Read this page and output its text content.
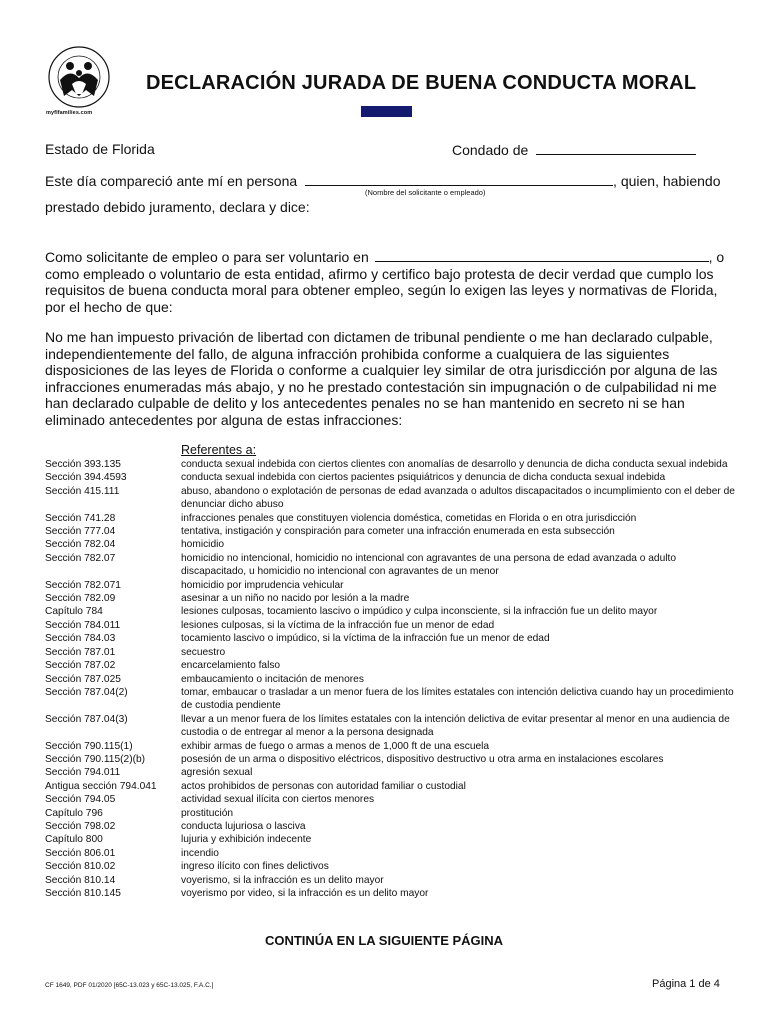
myflfamilies.com
DECLARACIÓN JURADA DE BUENA CONDUCTA MORAL
Estado de Florida	Condado de
Este día compareció ante mí en persona	, quien, habiendo
(Nombre del solicitante o empleado)
prestado debido juramento, declara y dice:
Como solicitante de empleo o para ser voluntario en	, o como empleado o voluntario de esta entidad, afirmo y certifico bajo protesta de decir verdad que cumplo los requisitos de buena conducta moral para obtener empleo, según lo exigen las leyes y normativas de Florida, por el hecho de que:
No me han impuesto privación de libertad con dictamen de tribunal pendiente o me han declarado culpable, independientemente del fallo, de alguna infracción prohibida conforme a cualquiera de las siguientes disposiciones de las leyes de Florida o conforme a cualquier ley similar de otra jurisdicción por alguna de las infracciones enumeradas más abajo, y no he prestado contestación sin impugnación o de culpabilidad ni me han declarado culpable de delito y los antecedentes penales no se han mantenido en secreto ni se han eliminado antecedentes por alguna de estas infracciones:
Referentes a:
Sección 393.135	conducta sexual indebida con ciertos clientes con anomalías de desarrollo y denuncia de dicha conducta sexual indebida
Sección 394.4593	conducta sexual indebida con ciertos pacientes psiquiátricos y denuncia de dicha conducta sexual indebida
Sección 415.111	abuso, abandono o explotación de personas de edad avanzada o adultos discapacitados o incumplimiento con el deber de denunciar dicho abuso
Sección 741.28	infracciones penales que constituyen violencia doméstica, cometidas en Florida o en otra jurisdicción
Sección 777.04	tentativa, instigación y conspiración para cometer una infracción enumerada en esta subsección
Sección 782.04	homicidio
Sección 782.07	homicidio no intencional, homicidio no intencional con agravantes de una persona de edad avanzada o adulto discapacitado, u homicidio no intencional con agravantes de un menor
Sección 782.071	homicidio por imprudencia vehicular
Sección 782.09	asesinar a un niño no nacido por lesión a la madre
Capítulo 784	lesiones culposas, tocamiento lascivo o impúdico y culpa inconsciente, si la infracción fue un delito mayor
Sección 784.011	lesiones culposas, si la víctima de la infracción fue un menor de edad
Sección 784.03	tocamiento lascivo o impúdico, si la víctima de la infracción fue un menor de edad
Sección 787.01	secuestro
Sección 787.02	encarcelamiento falso
Sección 787.025	embaucamiento o incitación de menores
Sección 787.04(2)	tomar, embaucar o trasladar a un menor fuera de los límites estatales con intención delictiva cuando hay un procedimiento de custodia pendiente
Sección 787.04(3)	llevar a un menor fuera de los límites estatales con la intención delictiva de evitar presentar al menor en una audiencia de custodia o de entregar al menor a la persona designada
Sección 790.115(1)	exhibir armas de fuego o armas a menos de 1,000 ft de una escuela
Sección 790.115(2)(b)	posesión de un arma o dispositivo eléctricos, dispositivo destructivo u otra arma en instalaciones escolares
Sección 794.011	agresión sexual
Antigua sección 794.041	actos prohibidos de personas con autoridad familiar o custodial
Sección 794.05	actividad sexual ilícita con ciertos menores
Capítulo 796	prostitución
Sección 798.02	conducta lujuriosa o lasciva
Capítulo 800	lujuria y exhibición indecente
Sección 806.01	incendio
Sección 810.02	ingreso ilícito con fines delictivos
Sección 810.14	voyerismo, si la infracción es un delito mayor
Sección 810.145	voyerismo por video, si la infracción es un delito mayor
CONTINÚA EN LA SIGUIENTE PÁGINA
CF 1649, PDF 01/2020 [65C-13.023 y 65C-13.025, F.A.C.]	Página 1 de 4
